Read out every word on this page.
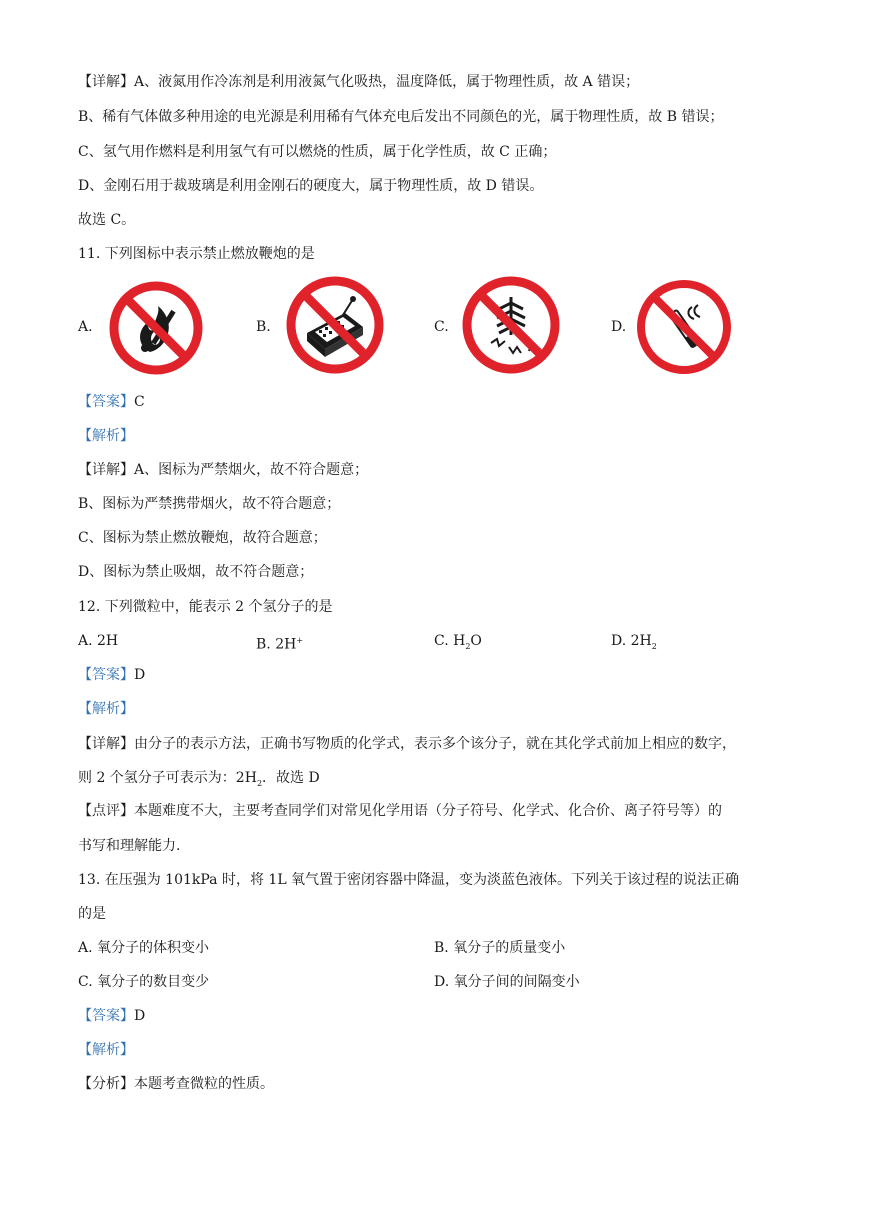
【详解】A、液氮用作冷冻剂是利用液氮气化吸热，温度降低，属于物理性质，故 A 错误；
B、稀有气体做多种用途的电光源是利用稀有气体充电后发出不同颜色的光，属于物理性质，故 B 错误；
C、氢气用作燃料是利用氢气有可以燃烧的性质，属于化学性质，故 C 正确；
D、金刚石用于裁玻璃是利用金刚石的硬度大，属于物理性质，故 D 错误。
故选 C。
11. 下列图标中表示禁止燃放鞭炮的是
A.	B.	C.	D.
【答案】C
【解析】
【详解】A、图标为严禁烟火，故不符合题意；
B、图标为严禁携带烟火，故不符合题意；
C、图标为禁止燃放鞭炮，故符合题意；
D、图标为禁止吸烟，故不符合题意；
12. 下列微粒中，能表示 2 个氢分子的是
A. 2H	B. 2H+	C. $H_2O$	D. $2H_2$
【答案】D
【解析】
【详解】由分子的表示方法，正确书写物质的化学式，表示多个该分子，就在其化学式前加上相应的数字，
则 2 个氢分子可表示为：$2H_2$．故选 D
【点评】本题难度不大，主要考查同学们对常见化学用语（分子符号、化学式、化合价、离子符号等）的
书写和理解能力.
13. 在压强为 101kPa 时，将 1L 氧气置于密闭容器中降温，变为淡蓝色液体。下列关于该过程的说法正确
的是
A. 氧分子的体积变小	B. 氧分子的质量变小
C. 氧分子的数目变少	D. 氧分子间的间隔变小
【答案】D
【解析】
【分析】本题考查微粒的性质。
